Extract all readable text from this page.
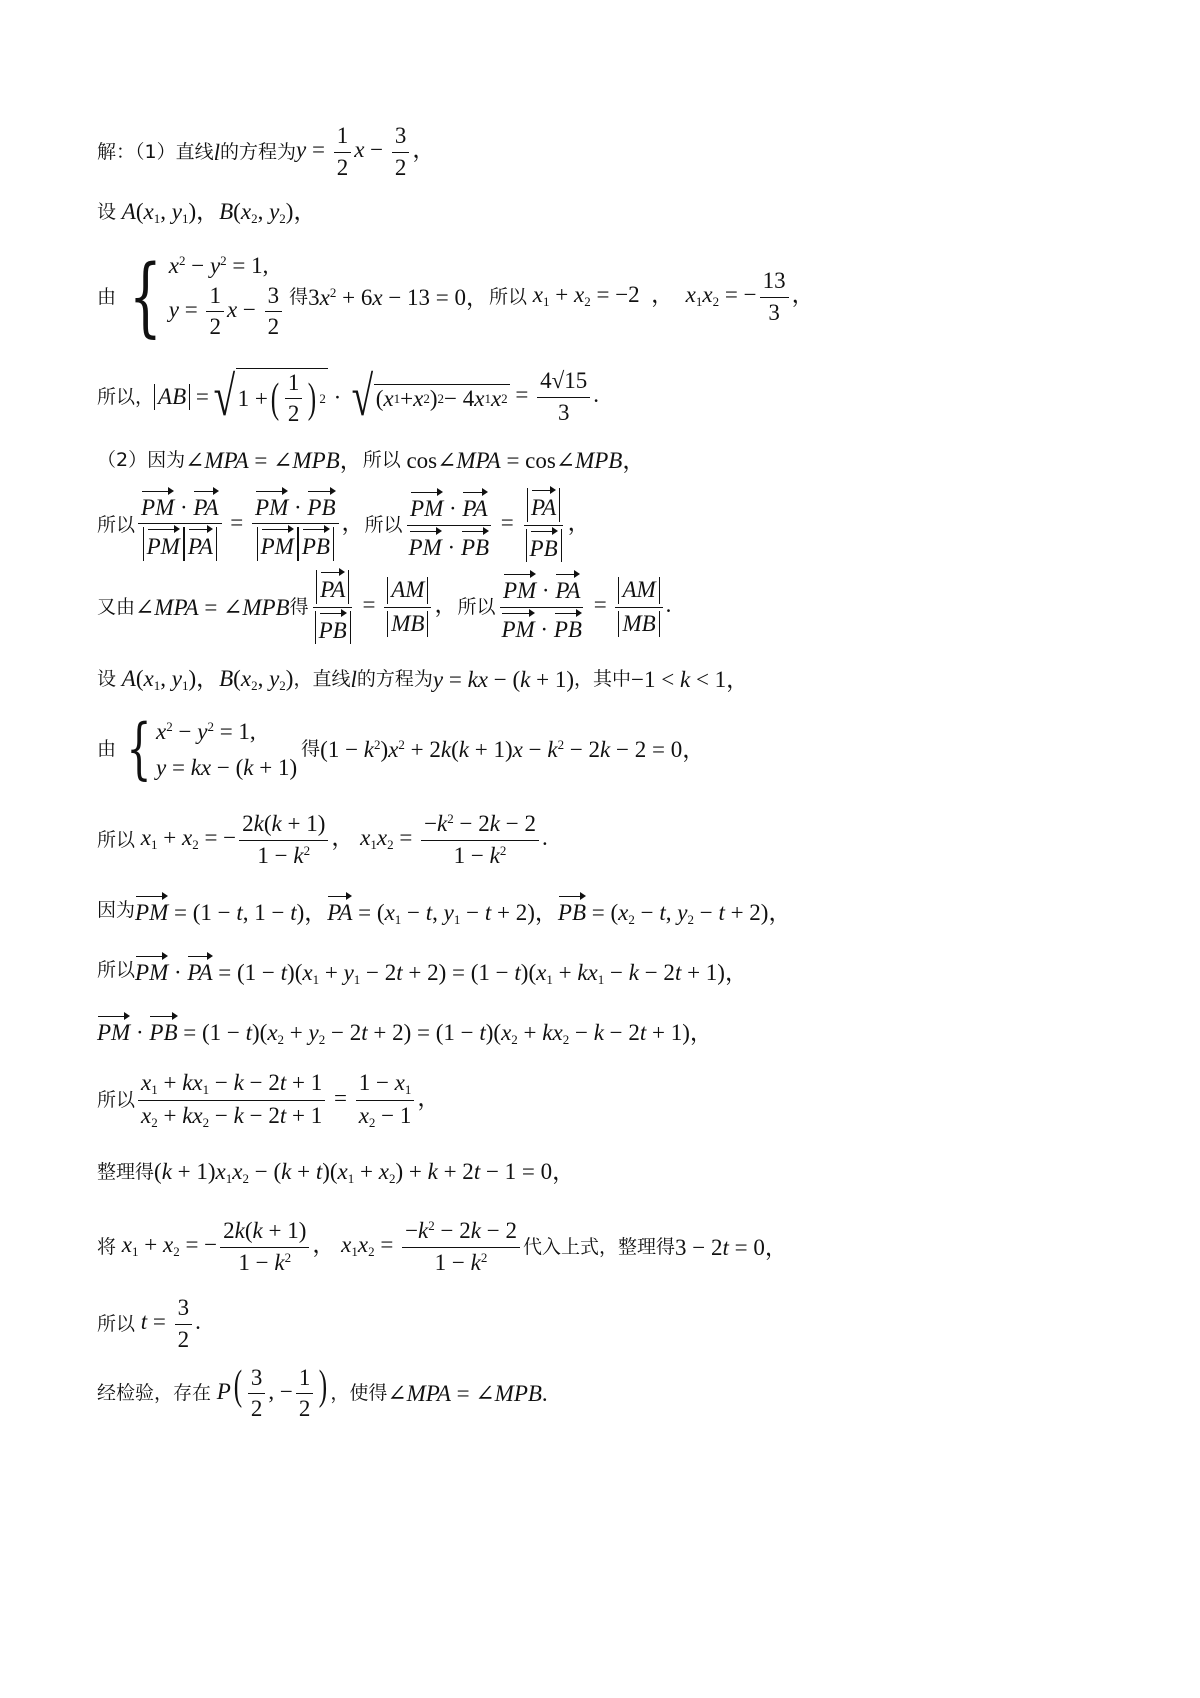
解：（1）直线 l 的方程为 $y = \frac{1}{2}$ $x - \frac{3}{2}$ ，
设 $A(x_1$, $y_1$)，$B(x_2$, $y_2$)，
由 { $x^2 - y^2 = 1$,
$y = \frac{1}{2}$ $x - \frac{3}{2}$ 得 $3x^2 + 6x - 13 = 0$， 所以 $x_1 + x_2 = -2$  ，  $x_1x_2$ = − $\frac{13}{3}$ ，
所以， AB = √ 1 + ( $\frac{1}{2}$ ) 2 · √ ( x 1 + x 2 ) 2 − 4 x 1 x $2 = \frac{4√15}{3}$ .
（2）因为 ∠MPA = ∠MPB， 所以 cos∠MPA = cos∠MPB，
所以 $\frac{PM \cdot PA}{\text{PM PA}} = \frac{PM \cdot PB}{\text{PM PB}}$ ， 所以 $\frac{PM \cdot PA}{PM \cdot PB} = \frac{PA}{PB}$ ，
又由 ∠MPA = ∠MPB 得 $\frac{PA}{PB} = \frac{AM}{MB}$ ， 所以 $\frac{PM \cdot PA}{PM \cdot PB} = \frac{AM}{MB}$ .
设 $A(x_1$, $y_1$)，$B(x_2$, $y_2$) ，直线 l 的方程为 y = kx − (k + 1) ，其中 −1 < k < 1，
由 { $x^2 - y^2 = 1$,
y = kx − (k + 1)
得 $(1 - k^2)x^2 + 2k(k + 1)x - k^2 - 2k - 2 = 0$，
所以 $x_1 + x_2$ = − $\frac{2k(k + 1)}{1 - k^2}$ ， $x_1x_2 = \frac{-k^2 - 2k - 2}{1 - k^2}$ .
因为 PM = (1 − t, 1 − t)，PA = ($x_1 - t$, $y_1 - t + 2$)，PB = ($x_2 - t$, $y_2 - t + 2$)，
所以 PM · PA = $(1 - t)(x_1 + y_1 - 2t + 2) = (1 - t)(x_1 + kx_1 - k - 2t + 1)$，
PM · PB = $(1 - t)(x_2 + y_2 - 2t + 2) = (1 - t)(x_2 + kx_2 - k - 2t + 1)$，
所以 $\frac{x_1 + kx_1 - k - 2t + 1}{x_2 + kx_2 - k - 2t + 1} = \frac{1 - x_1}{x_2 - 1}$ ，
整理得 $(k + 1)x_1x_2 - (k + t)(x_1 + x_2) + k + 2t - 1 = 0$，
将 $x_1 + x_2$ = − $\frac{2k(k + 1)}{1 - k^2}$ ， $x_1x_2 = \frac{-k^2 - 2k - 2}{1 - k^2}$ 代入上式，整理得 3 − 2t = 0，
所以 $t = \frac{3}{2}$ .
经检验，存在 $P( \frac{3}{2}$ , − $\frac{1}{2}$ ) ，使得 ∠MPA = ∠MPB.
